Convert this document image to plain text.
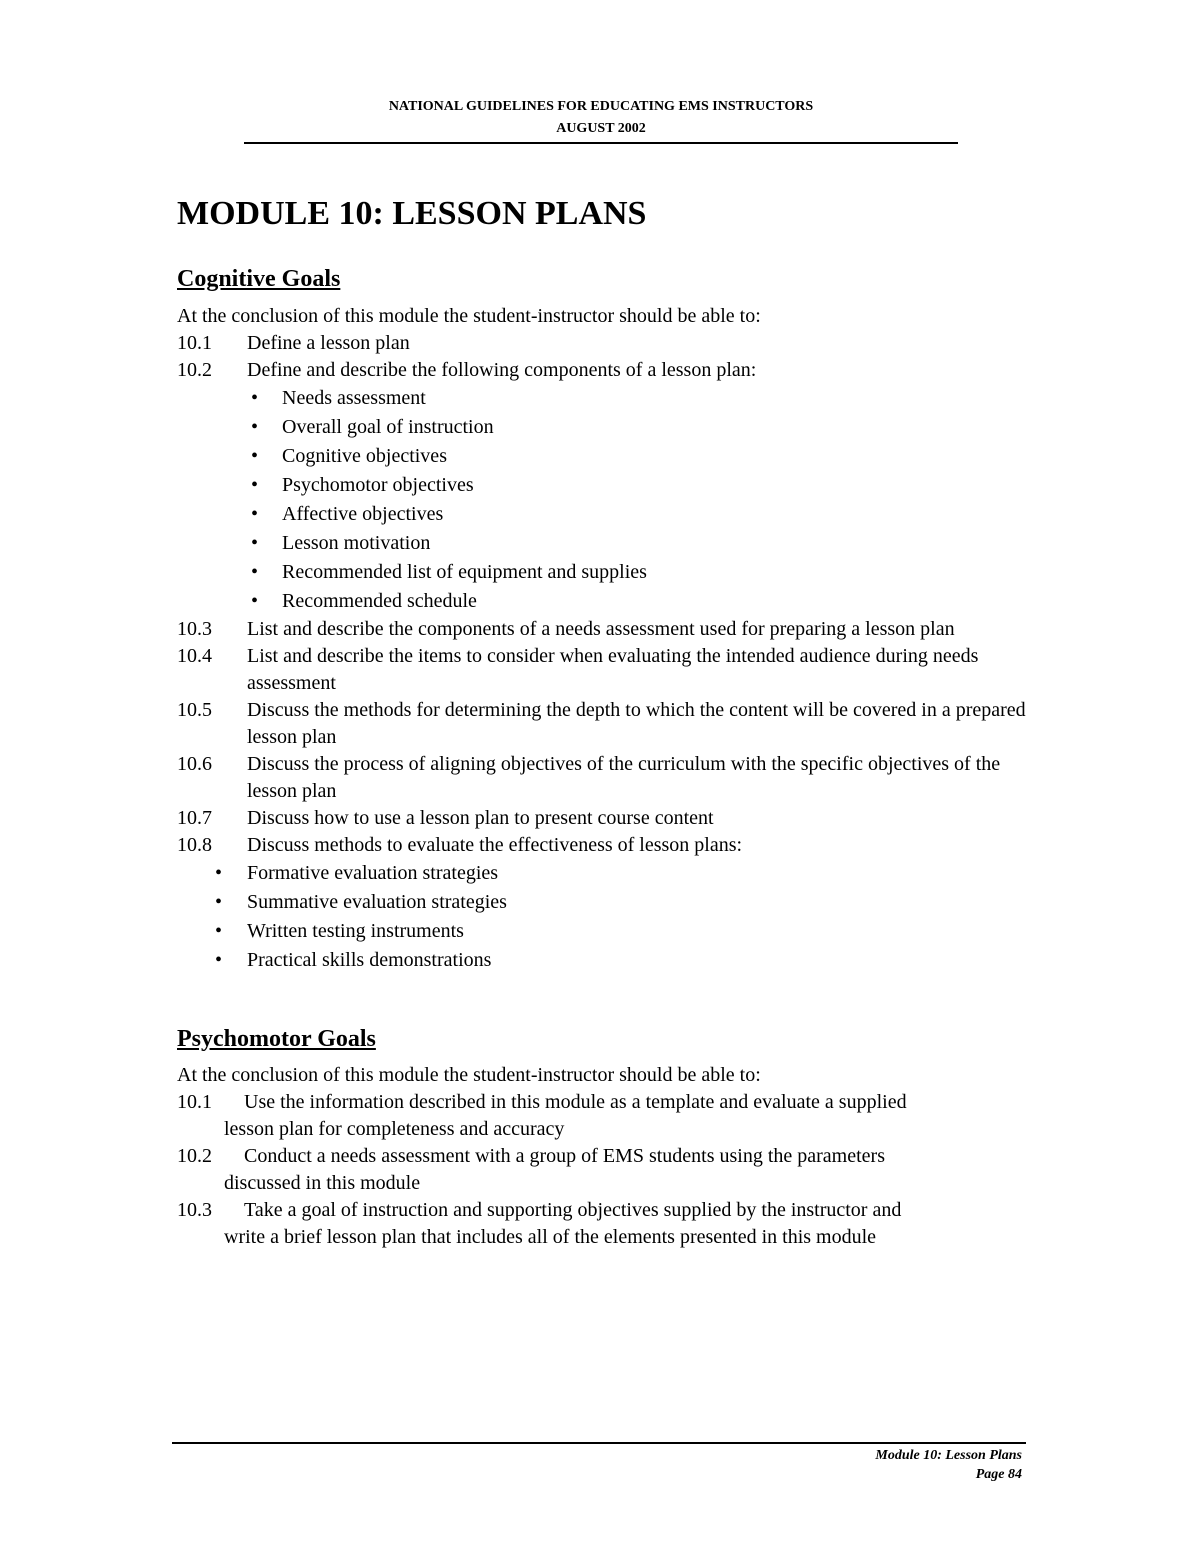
NATIONAL GUIDELINES FOR EDUCATING EMS INSTRUCTORS
AUGUST 2002
MODULE 10: LESSON PLANS
Cognitive Goals
At the conclusion of this module the student-instructor should be able to:
10.1	Define a lesson plan
10.2	Define and describe the following components of a lesson plan:
• Needs assessment
• Overall goal of instruction
• Cognitive objectives
• Psychomotor objectives
• Affective objectives
• Lesson motivation
• Recommended list of equipment and supplies
• Recommended schedule
10.3	List and describe the components of a needs assessment used for preparing a lesson plan
10.4	List and describe the items to consider when evaluating the intended audience during needs assessment
10.5	Discuss the methods for determining the depth to which the content will be covered in a prepared lesson plan
10.6	Discuss the process of aligning objectives of the curriculum with the specific objectives of the lesson plan
10.7	Discuss how to use a lesson plan to present course content
10.8	Discuss methods to evaluate the effectiveness of lesson plans:
• Formative evaluation strategies
• Summative evaluation strategies
• Written testing instruments
• Practical skills demonstrations
Psychomotor Goals
At the conclusion of this module the student-instructor should be able to:
10.1	Use the information described in this module as a template and evaluate a supplied
lesson plan for completeness and accuracy
10.2	Conduct a needs assessment with a group of EMS students using the parameters
discussed in this module
10.3	Take a goal of instruction and supporting objectives supplied by the instructor and
write a brief lesson plan that includes all of the elements presented in this module
Module 10: Lesson Plans
Page 84
